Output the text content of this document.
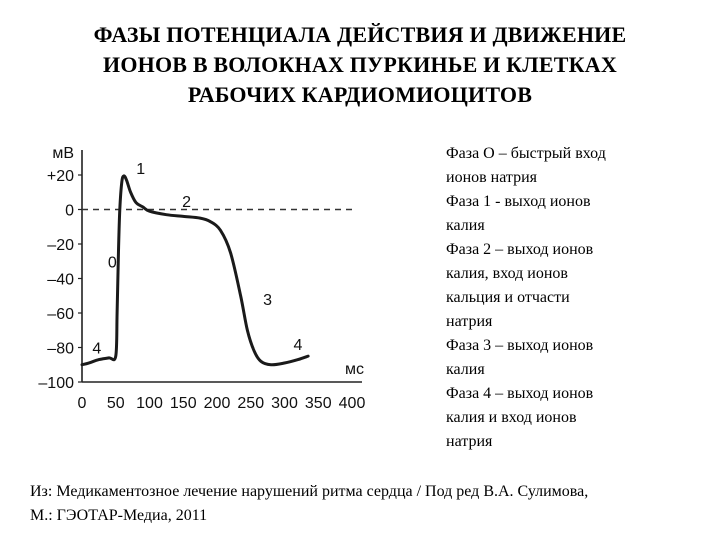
ФАЗЫ ПОТЕНЦИАЛА ДЕЙСТВИЯ И ДВИЖЕНИЕ
ИОНОВ В ВОЛОКНАХ ПУРКИНЬЕ И КЛЕТКАХ
РАБОЧИХ КАРДИОМИОЦИТОВ
+20
0
–20
–40
–60
–80
–100
0 50 100 150 200 250 300 350 400
мВ
мс
0
1
2
3
4	4
Фаза О – быстрый вход
ионов натрия
Фаза 1 - выход ионов
калия
Фаза 2 – выход ионов
калия, вход ионов
кальция и отчасти
натрия
Фаза 3 – выход ионов
калия
Фаза 4 – выход ионов
калия и вход ионов
натрия
Из: Медикаментозное лечение нарушений ритма сердца / Под ред В.А. Сулимова,
М.: ГЭОТАР-Медиа, 2011
